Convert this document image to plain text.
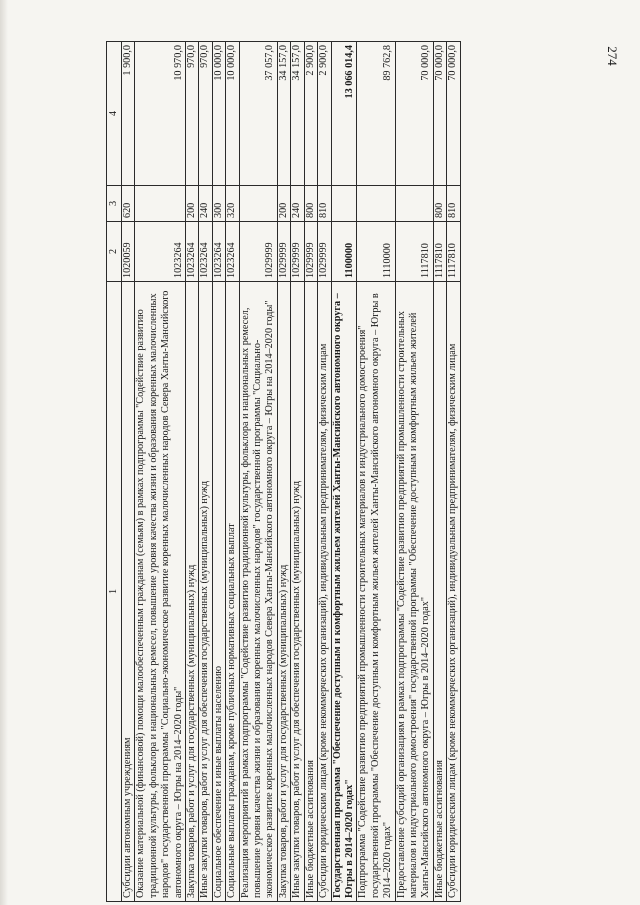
274
1	2	3	4
Субсидии автономным учреждениям	1020059	620	1 900,0
Оказание материальной (финансовой) помощи малообеспеченным гражданам (семьям) в рамках подпрограммы "Содействие развитию традиционной культуры, фольклора и национальных ремесел, повышение уровня качества жизни и образования коренных малочисленных народов" государственной программы "Социально-экономическое развитие коренных малочисленных народов Севера Ханты-Мансийского автономного округа – Югры на 2014–2020 годы"	1023264		10 970,0
Закупка товаров, работ и услуг для государственных (муниципальных) нужд	1023264	200	970,0
Иные закупки товаров, работ и услуг для обеспечения государственных (муниципальных) нужд	1023264	240	970,0
Социальное обеспечение и иные выплаты населению	1023264	300	10 000,0
Социальные выплаты гражданам, кроме публичных нормативных социальных выплат	1023264	320	10 000,0
Реализация мероприятий в рамках подпрограммы "Содействие развитию традиционной культуры, фольклора и национальных ремесел, повышение уровня качества жизни и образования коренных малочисленных народов" государственной программы "Социально-экономическое развитие коренных малочисленных народов Севера Ханты-Мансийского автономного округа – Югры на 2014–2020 годы"	1029999		37 057,0
Закупка товаров, работ и услуг для государственных (муниципальных) нужд	1029999	200	34 157,0
Иные закупки товаров, работ и услуг для обеспечения государственных (муниципальных) нужд	1029999	240	34 157,0
Иные бюджетные ассигнования	1029999	800	2 900,0
Субсидии юридическим лицам (кроме некоммерческих организаций), индивидуальным предпринимателям, физическим лицам	1029999	810	2 900,0
Государственная программа "Обеспечение доступным и комфортным жильем жителей Ханты-Мансийского автономного округа – Югры в 2014–2020 годах"	1100000		13 066 014,4
Подпрограмма "Содействие развитию предприятий промышленности строительных материалов и индустриального домостроения" государственной программы "Обеспечение доступным и комфортным жильем жителей Ханты-Мансийского автономного округа – Югры в 2014–2020 годах"	1110000		89 762,8
Предоставление субсидий организациям в рамках подпрограммы "Содействие развитию предприятий промышленности строительных материалов и индустриального домостроения" государственной программы "Обеспечение доступным и комфортным жильем жителей Ханты-Мансийского автономного округа – Югры в 2014–2020 годах"	1117810		70 000,0
Иные бюджетные ассигнования	1117810	800	70 000,0
Субсидии юридическим лицам (кроме некоммерческих организаций), индивидуальным предпринимателям, физическим лицам	1117810	810	70 000,0
